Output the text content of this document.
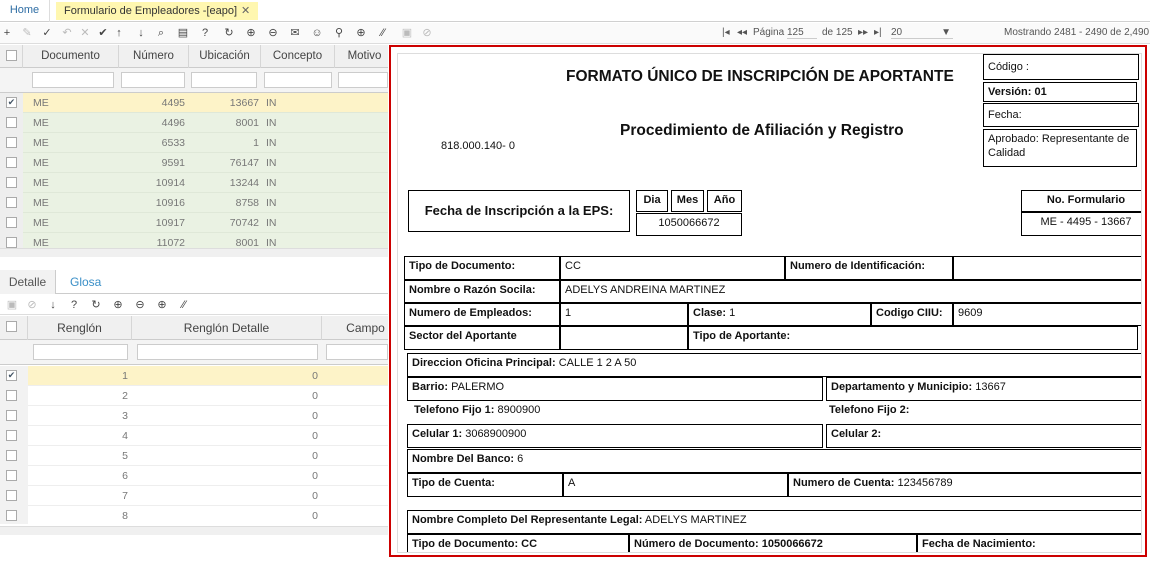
Home	Formulario de Empleadores -[eapo] ✕
+	✎ ✓ ↶ ✕ ✔ ↑	↓	⌕	▤	?	↻ ⊕ ⊖ ✉ ☺ ⚲ ⊕	⁄⁄	▣ ⊘	|◂ ◂◂ Página 125	de 125 ▸▸ ▸| 20	▼	Mostrando 2481 - 2490 de 2,490
Documento	Número	Ubicación	Concepto	Motivo
✔ ME	4495	13667 IN
ME	4496	8001 IN
ME	6533	1 IN
ME	9591	76147 IN
ME	10914	13244 IN
ME	10916	8758 IN
ME	10917	70742 IN
ME	11072	8001 IN
Detalle	Glosa
▣ ⊘	↓	?	↻ ⊕ ⊖ ⊕	⁄⁄
Renglón	Renglón Detalle	Campo
✔	1	0
2	0
3	0
4	0
5	0
6	0
7	0
8	0
FORMATO ÚNICO DE INSCRIPCIÓN DE APORTANTE
Procedimiento de Afiliación y Registro
818.000.140- 0
Código :
Versión: 01
Fecha:
Aprobado: Representante de Calidad
Fecha de Inscripción a la EPS:
Dia	Mes	Año
1050066672
No. Formulario
ME - 4495 - 13667
Tipo de Documento:	CC	Numero de Identificación:
Nombre o Razón Socila:	ADELYS ANDREINA MARTINEZ
Numero de Empleados:	1	Clase: 1	Codigo CIIU:	9609
Sector del Aportante	Tipo de Aportante:
Direccion Oficina Principal: CALLE 1 2 A 50
Barrio: PALERMO	Departamento y Municipio: 13667
Telefono Fijo 1: 8900900	Telefono Fijo 2:
Celular 1: 3068900900	Celular 2:
Nombre Del Banco: 6
Tipo de Cuenta:	A	Numero de Cuenta: 123456789
Nombre Completo Del Representante Legal: ADELYS MARTINEZ
Tipo de Documento: CC	Número de Documento: 1050066672	Fecha de Nacimiento:
